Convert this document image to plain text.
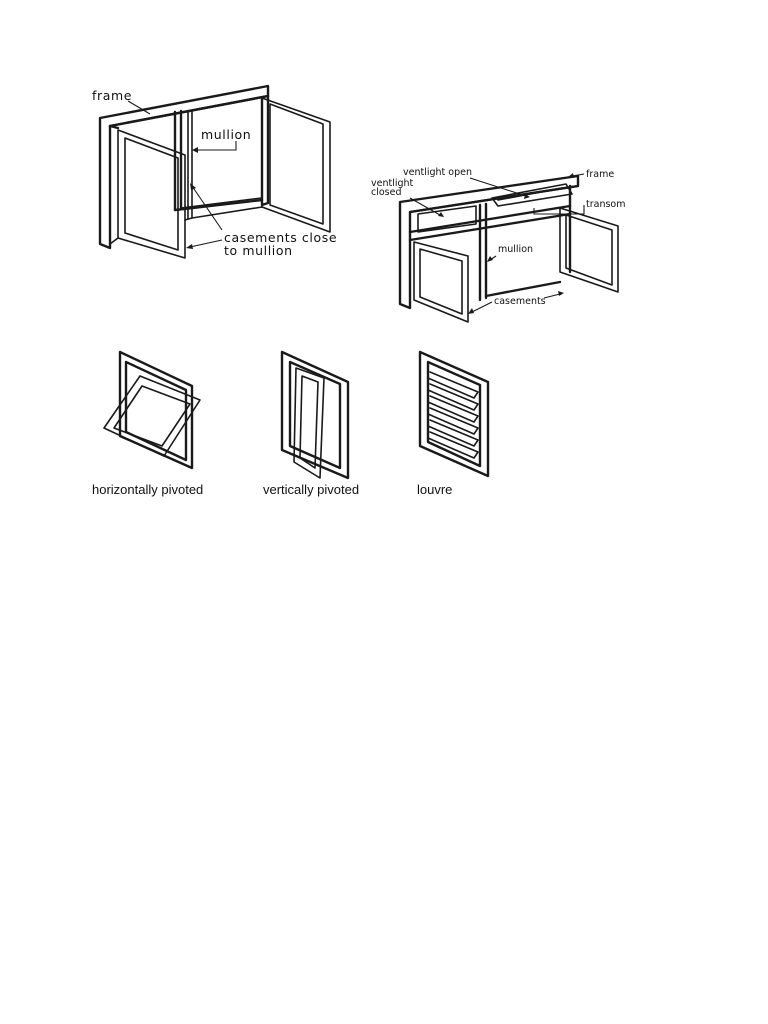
frame
mullion
casements close
to mullion
ventlight open	frame
ventlight
closed
transom
mullion
casements
horizontally pivoted	vertically pivoted	louvre
